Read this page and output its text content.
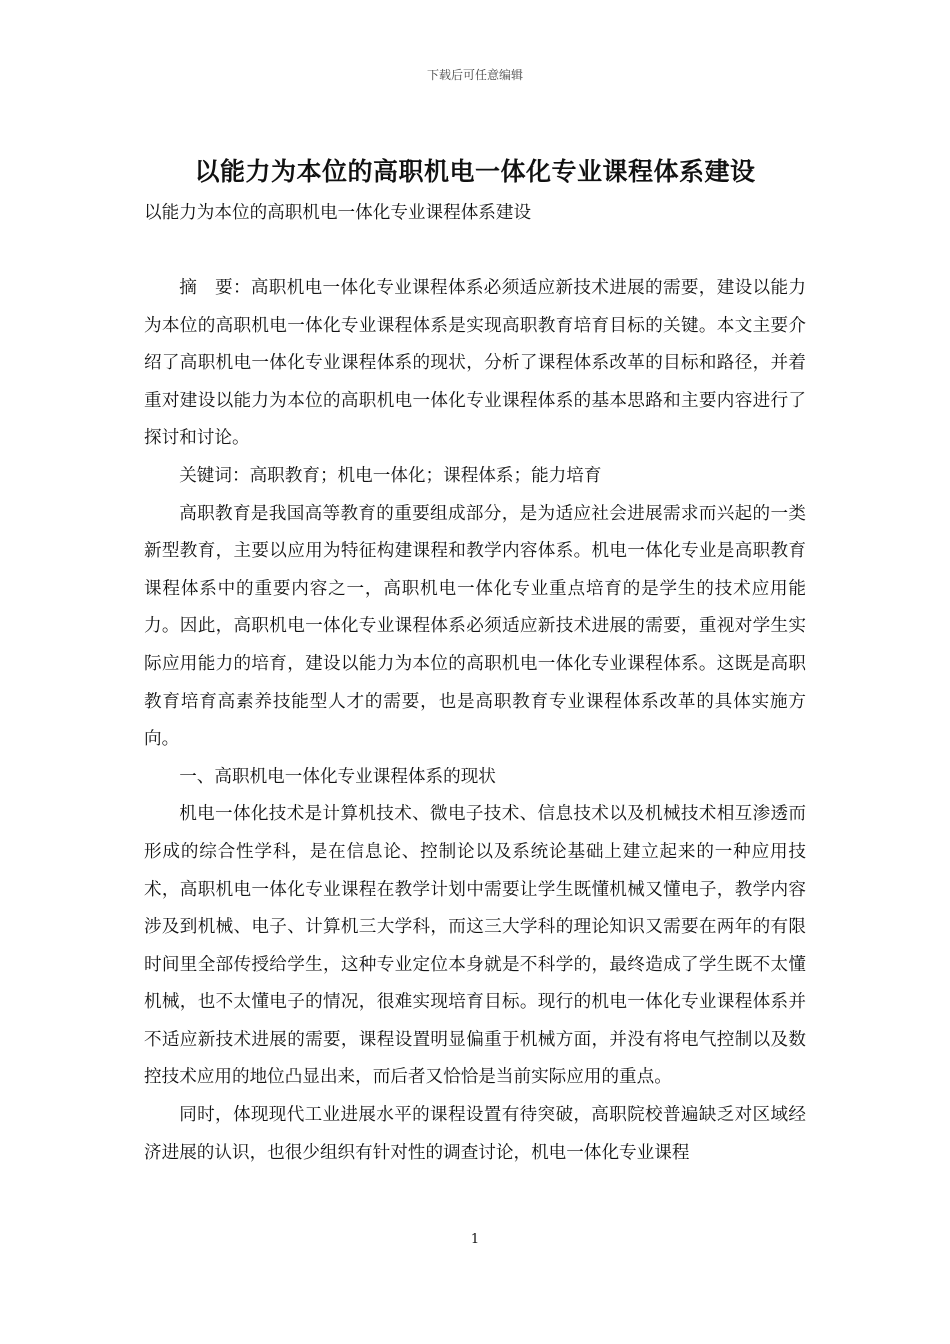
下载后可任意编辑
以能力为本位的高职机电一体化专业课程体系建设
以能力为本位的高职机电一体化专业课程体系建设

摘　要：高职机电一体化专业课程体系必须适应新技术进展的需要，建设以能力为本位的高职机电一体化专业课程体系是实现高职教育培育目标的关键。本文主要介绍了高职机电一体化专业课程体系的现状，分析了课程体系改革的目标和路径，并着重对建设以能力为本位的高职机电一体化专业课程体系的基本思路和主要内容进行了探讨和讨论。

关键词：高职教育；机电一体化；课程体系；能力培育

高职教育是我国高等教育的重要组成部分，是为适应社会进展需求而兴起的一类新型教育，主要以应用为特征构建课程和教学内容体系。机电一体化专业是高职教育课程体系中的重要内容之一，高职机电一体化专业重点培育的是学生的技术应用能力。因此，高职机电一体化专业课程体系必须适应新技术进展的需要，重视对学生实际应用能力的培育，建设以能力为本位的高职机电一体化专业课程体系。这既是高职教育培育高素养技能型人才的需要，也是高职教育专业课程体系改革的具体实施方向。

一、高职机电一体化专业课程体系的现状

机电一体化技术是计算机技术、微电子技术、信息技术以及机械技术相互渗透而形成的综合性学科，是在信息论、控制论以及系统论基础上建立起来的一种应用技术，高职机电一体化专业课程在教学计划中需要让学生既懂机械又懂电子，教学内容涉及到机械、电子、计算机三大学科，而这三大学科的理论知识又需要在两年的有限时间里全部传授给学生，这种专业定位本身就是不科学的，最终造成了学生既不太懂机械，也不太懂电子的情况，很难实现培育目标。现行的机电一体化专业课程体系并不适应新技术进展的需要，课程设置明显偏重于机械方面，并没有将电气控制以及数控技术应用的地位凸显出来，而后者又恰恰是当前实际应用的重点。

同时，体现现代工业进展水平的课程设置有待突破，高职院校普遍缺乏对区域经济进展的认识，也很少组织有针对性的调查讨论，机电一体化专业课程

1
